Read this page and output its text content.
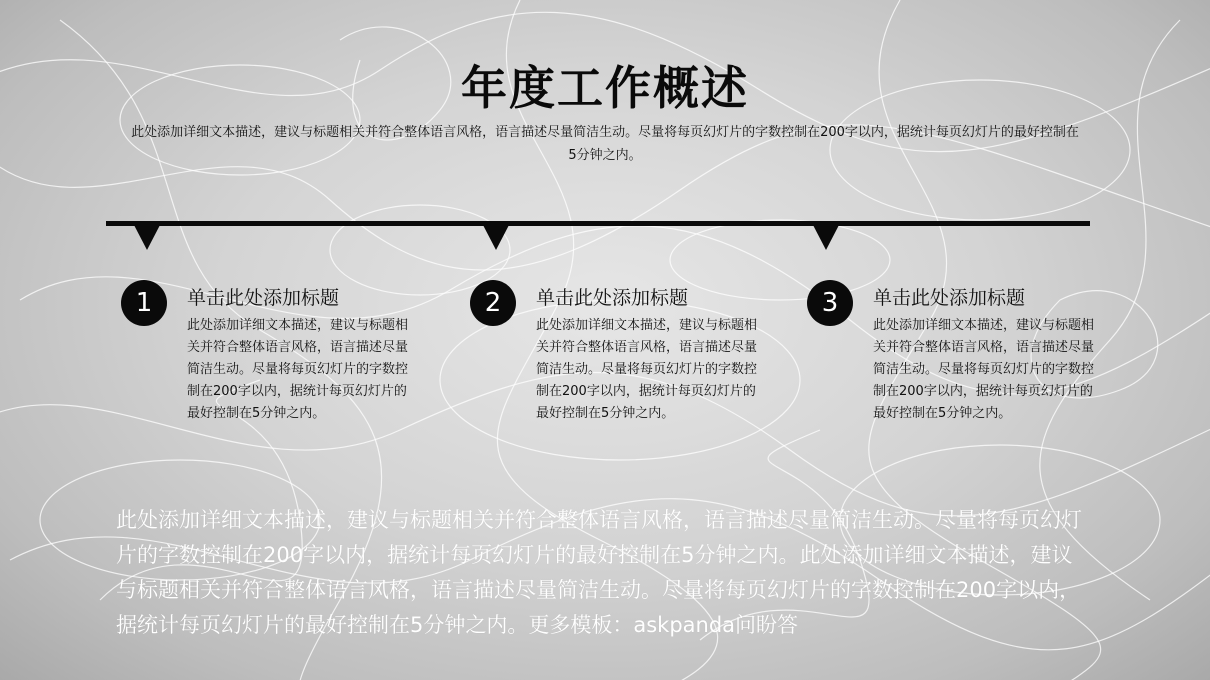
年度工作概述
此处添加详细文本描述，建议与标题相关并符合整体语言风格，语言描述尽量简洁生动。尽量将每页幻灯片的字数控制在200字以内，据统计每页幻灯片的最好控制在5分钟之内。
1	单击此处添加标题
此处添加详细文本描述，建议与标题相关并符合整体语言风格，语言描述尽量简洁生动。尽量将每页幻灯片的字数控制在200字以内，据统计每页幻灯片的最好控制在5分钟之内。
2	单击此处添加标题
此处添加详细文本描述，建议与标题相关并符合整体语言风格，语言描述尽量简洁生动。尽量将每页幻灯片的字数控制在200字以内，据统计每页幻灯片的最好控制在5分钟之内。
3	单击此处添加标题
此处添加详细文本描述，建议与标题相关并符合整体语言风格，语言描述尽量简洁生动。尽量将每页幻灯片的字数控制在200字以内，据统计每页幻灯片的最好控制在5分钟之内。
此处添加详细文本描述，建议与标题相关并符合整体语言风格，语言描述尽量简洁生动。尽量将每页幻灯片的字数控制在200字以内，据统计每页幻灯片的最好控制在5分钟之内。此处添加详细文本描述，建议与标题相关并符合整体语言风格，语言描述尽量简洁生动。尽量将每页幻灯片的字数控制在200字以内，据统计每页幻灯片的最好控制在5分钟之内。更多模板：askpanda问盼答
